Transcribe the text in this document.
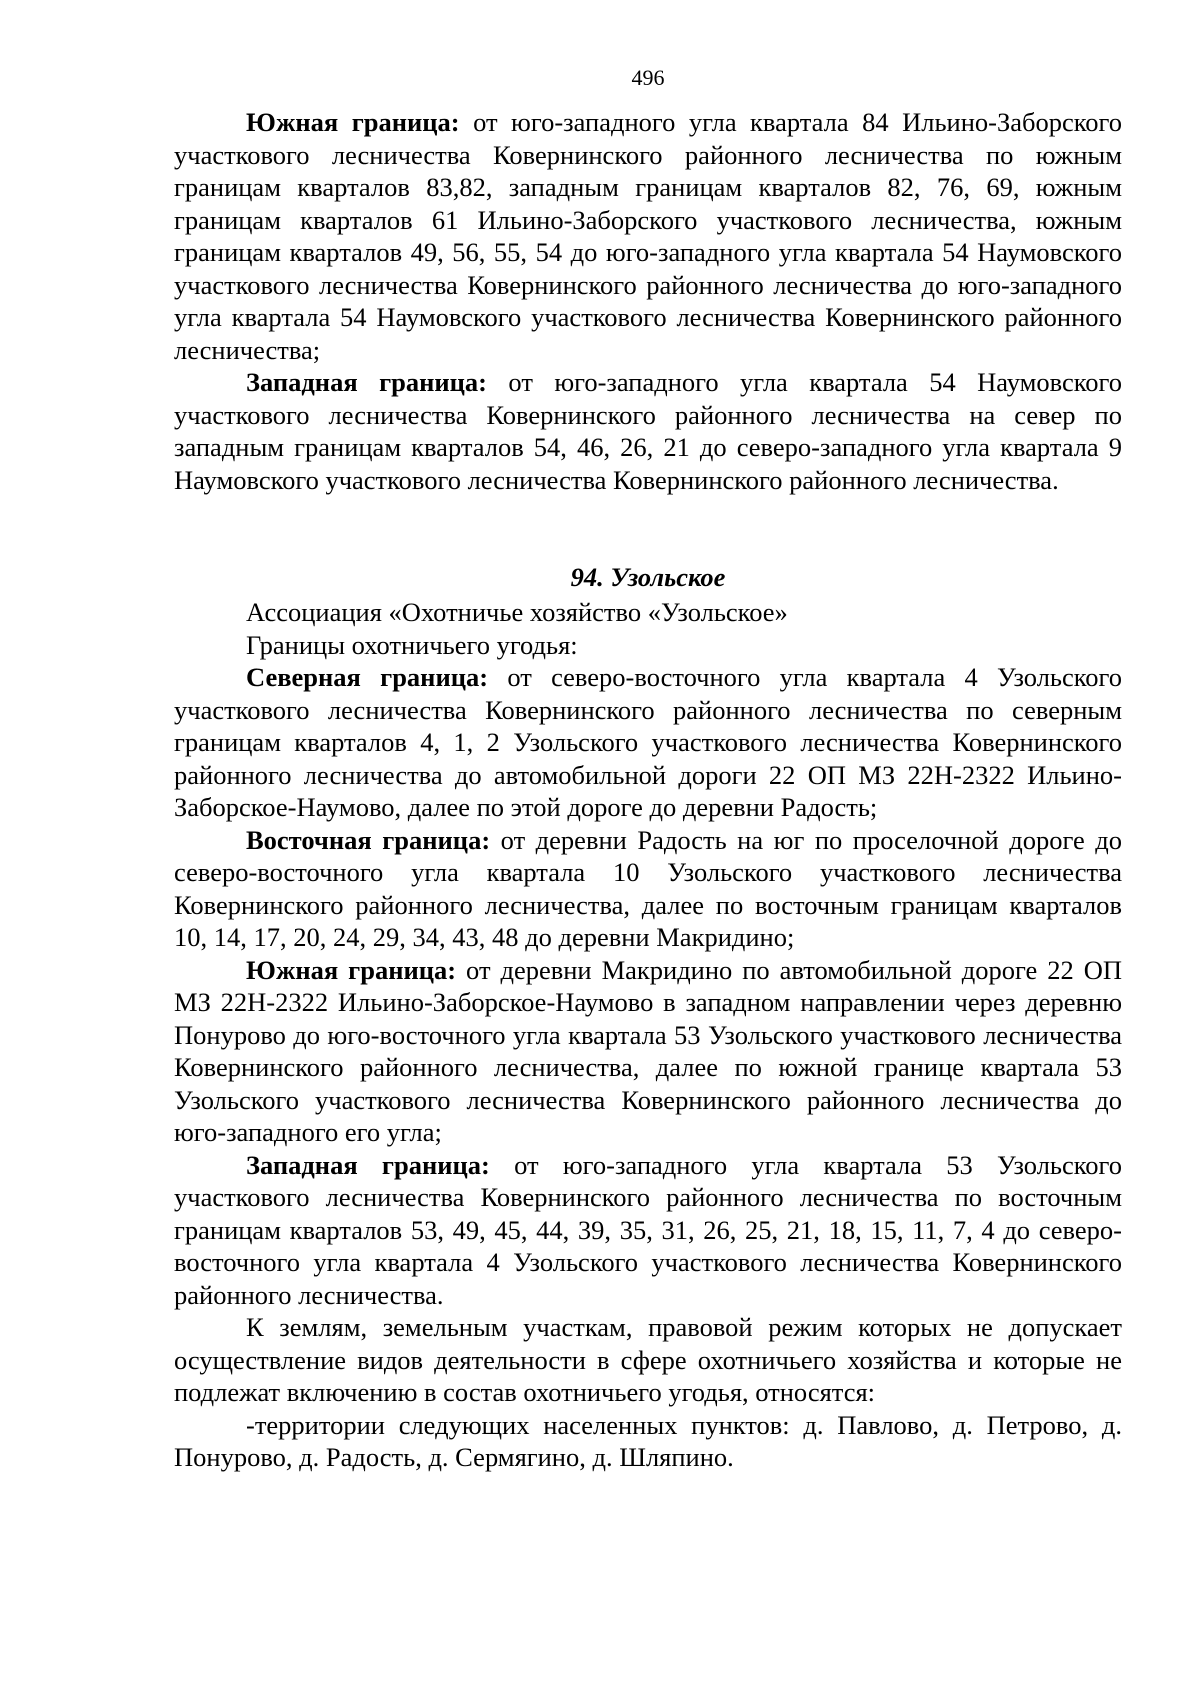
496

Южная граница: от юго-западного угла квартала 84 Ильино-Заборского участкового лесничества Ковернинского районного лесничества по южным границам кварталов 83,82, западным границам кварталов 82, 76, 69, южным границам кварталов 61 Ильино-Заборского участкового лесничества, южным границам кварталов 49, 56, 55, 54 до юго-западного угла квартала 54 Наумовского участкового лесничества Ковернинского районного лесничества до юго-западного угла квартала 54 Наумовского участкового лесничества Ковернинского районного лесничества;

Западная граница: от юго-западного угла квартала 54 Наумовского участкового лесничества Ковернинского районного лесничества на север по западным границам кварталов 54, 46, 26, 21 до северо-западного угла квартала 9 Наумовского участкового лесничества Ковернинского районного лесничества.

94. Узольское

Ассоциация «Охотничье хозяйство «Узольское»

Границы охотничьего угодья:

Северная граница: от северо-восточного угла квартала 4 Узольского участкового лесничества Ковернинского районного лесничества по северным границам кварталов 4, 1, 2 Узольского участкового лесничества Ковернинского районного лесничества до автомобильной дороги 22 ОП МЗ 22Н-2322 Ильино-Заборское-Наумово, далее по этой дороге до деревни Радость;

Восточная граница: от деревни Радость на юг по проселочной дороге до северо-восточного угла квартала 10 Узольского участкового лесничества Ковернинского районного лесничества, далее по восточным границам кварталов 10, 14, 17, 20, 24, 29, 34, 43, 48 до деревни Макридино;

Южная граница: от деревни Макридино по автомобильной дороге 22 ОП МЗ 22Н-2322 Ильино-Заборское-Наумово в западном направлении через деревню Понурово до юго-восточного угла квартала 53 Узольского участкового лесничества Ковернинского районного лесничества, далее по южной границе квартала 53 Узольского участкового лесничества Ковернинского районного лесничества до юго-западного его угла;

Западная граница: от юго-западного угла квартала 53 Узольского участкового лесничества Ковернинского районного лесничества по восточным границам кварталов 53, 49, 45, 44, 39, 35, 31, 26, 25, 21, 18, 15, 11, 7, 4 до северо-восточного угла квартала 4 Узольского участкового лесничества Ковернинского районного лесничества.

К землям, земельным участкам, правовой режим которых не допускает осуществление видов деятельности в сфере охотничьего хозяйства и которые не подлежат включению в состав охотничьего угодья, относятся:

-территории следующих населенных пунктов: д. Павлово, д. Петрово, д. Понурово, д. Радость, д. Сермягино, д. Шляпино.
